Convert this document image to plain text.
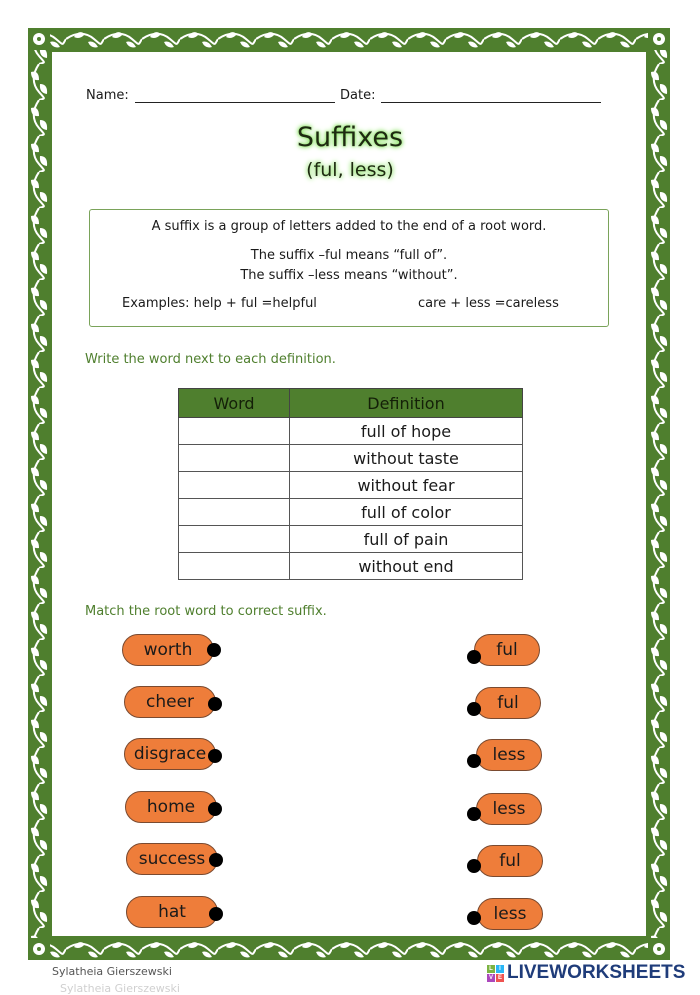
Name:	Date:
Suffixes
(ful, less)
A suffix is a group of letters added to the end of a root word.
The suffix –ful means “full of”.
The suffix –less means “without”.
Examples: help + ful =helpful	care + less =careless
Write the word next to each definition.
Word	Definition
	full of hope
	without taste
	without fear
	full of color
	full of pain
	without end
Match the root word to correct suffix.
worth
cheer
disgrace
home
success
hat
ful
ful
less
less
ful
less
Sylatheia Gierszewski
Sylatheia Gierszewski
L	I
V E LIVEWORKSHEETS
